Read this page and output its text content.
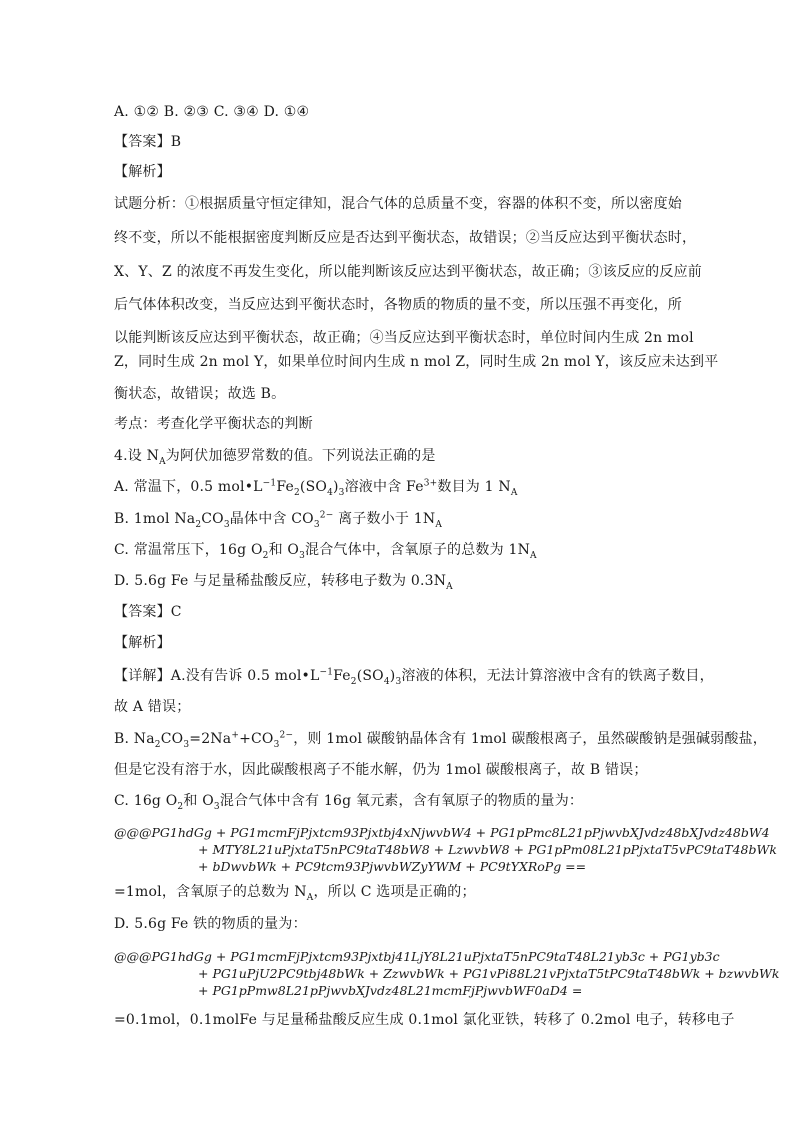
A. ①② B. ②③ C. ③④ D. ①④
【答案】B
【解析】
试题分析：①根据质量守恒定律知，混合气体的总质量不变，容器的体积不变，所以密度始
终不变，所以不能根据密度判断反应是否达到平衡状态，故错误；②当反应达到平衡状态时，
X、Y、Z 的浓度不再发生变化，所以能判断该反应达到平衡状态，故正确；③该反应的反应前
后气体体积改变，当反应达到平衡状态时，各物质的物质的量不变，所以压强不再变化，所
以能判断该反应达到平衡状态，故正确；④当反应达到平衡状态时，单位时间内生成 2n mol
Z，同时生成 2n mol Y，如果单位时间内生成 n mol Z，同时生成 2n mol Y，该反应未达到平
衡状态，故错误；故选 B。
考点：考查化学平衡状态的判断
4.设 $N_A$为阿伏加德罗常数的值。下列说法正确的是
A. 常温下，0.5 $mol•L^{-1}Fe_2(SO_4)_3$溶液中含 $Fe^{3+}$数目为 1 $N_A$
B. 1mol $Na_2CO_3$晶体中含 $CO_3^{2-}$ 离子数小于 $1N_A$
C. 常温常压下，16g $O_2$和 $O_3$混合气体中，含氧原子的总数为 $1N_A$
D. 5.6g Fe 与足量稀盐酸反应，转移电子数为 $0.3N_A$
【答案】C
【解析】
【详解】A.没有告诉 0.5 $mol•L^{-1}Fe_2(SO_4)_3$溶液的体积，无法计算溶液中含有的铁离子数目，
故 A 错误；
B. $Na_2CO_3=2Na^++CO_3^{2-}$，则 1mol 碳酸钠晶体含有 1mol 碳酸根离子，虽然碳酸钠是强碱弱酸盐，
但是它没有溶于水，因此碳酸根离子不能水解，仍为 1mol 碳酸根离子，故 B 错误；
C. 16g $O_2$和 $O_3$混合气体中含有 16g 氧元素，含有氧原子的物质的量为：
@@@PG1hdGg + PG1mcmFjPjxtcm93Pjxtbj4xNjwvbW4 + PG1pPmc8L21pPjwvbXJvdz48bXJvdz48bW4
+ MTY8L21uPjxtaT5nPC9taT48bW8 + LzwvbW8 + PG1pPm08L21pPjxtaT5vPC9taT48bWk
+ bDwvbWk + PC9tcm93PjwvbWZyYWM + PC9tYXRoPg ==
=1mol，含氧原子的总数为 $N_A$，所以 C 选项是正确的；
D. 5.6g Fe 铁的物质的量为：
@@@PG1hdGg + PG1mcmFjPjxtcm93Pjxtbj41LjY8L21uPjxtaT5nPC9taT48L21yb3c + PG1yb3c
+ PG1uPjU2PC9tbj48bWk + ZzwvbWk + PG1vPi88L21vPjxtaT5tPC9taT48bWk + bzwvbWk
+ PG1pPmw8L21pPjwvbXJvdz48L21mcmFjPjwvbWF0aD4 =
=0.1mol，0.1molFe 与足量稀盐酸反应生成 0.1mol 氯化亚铁，转移了 0.2mol 电子，转移电子
